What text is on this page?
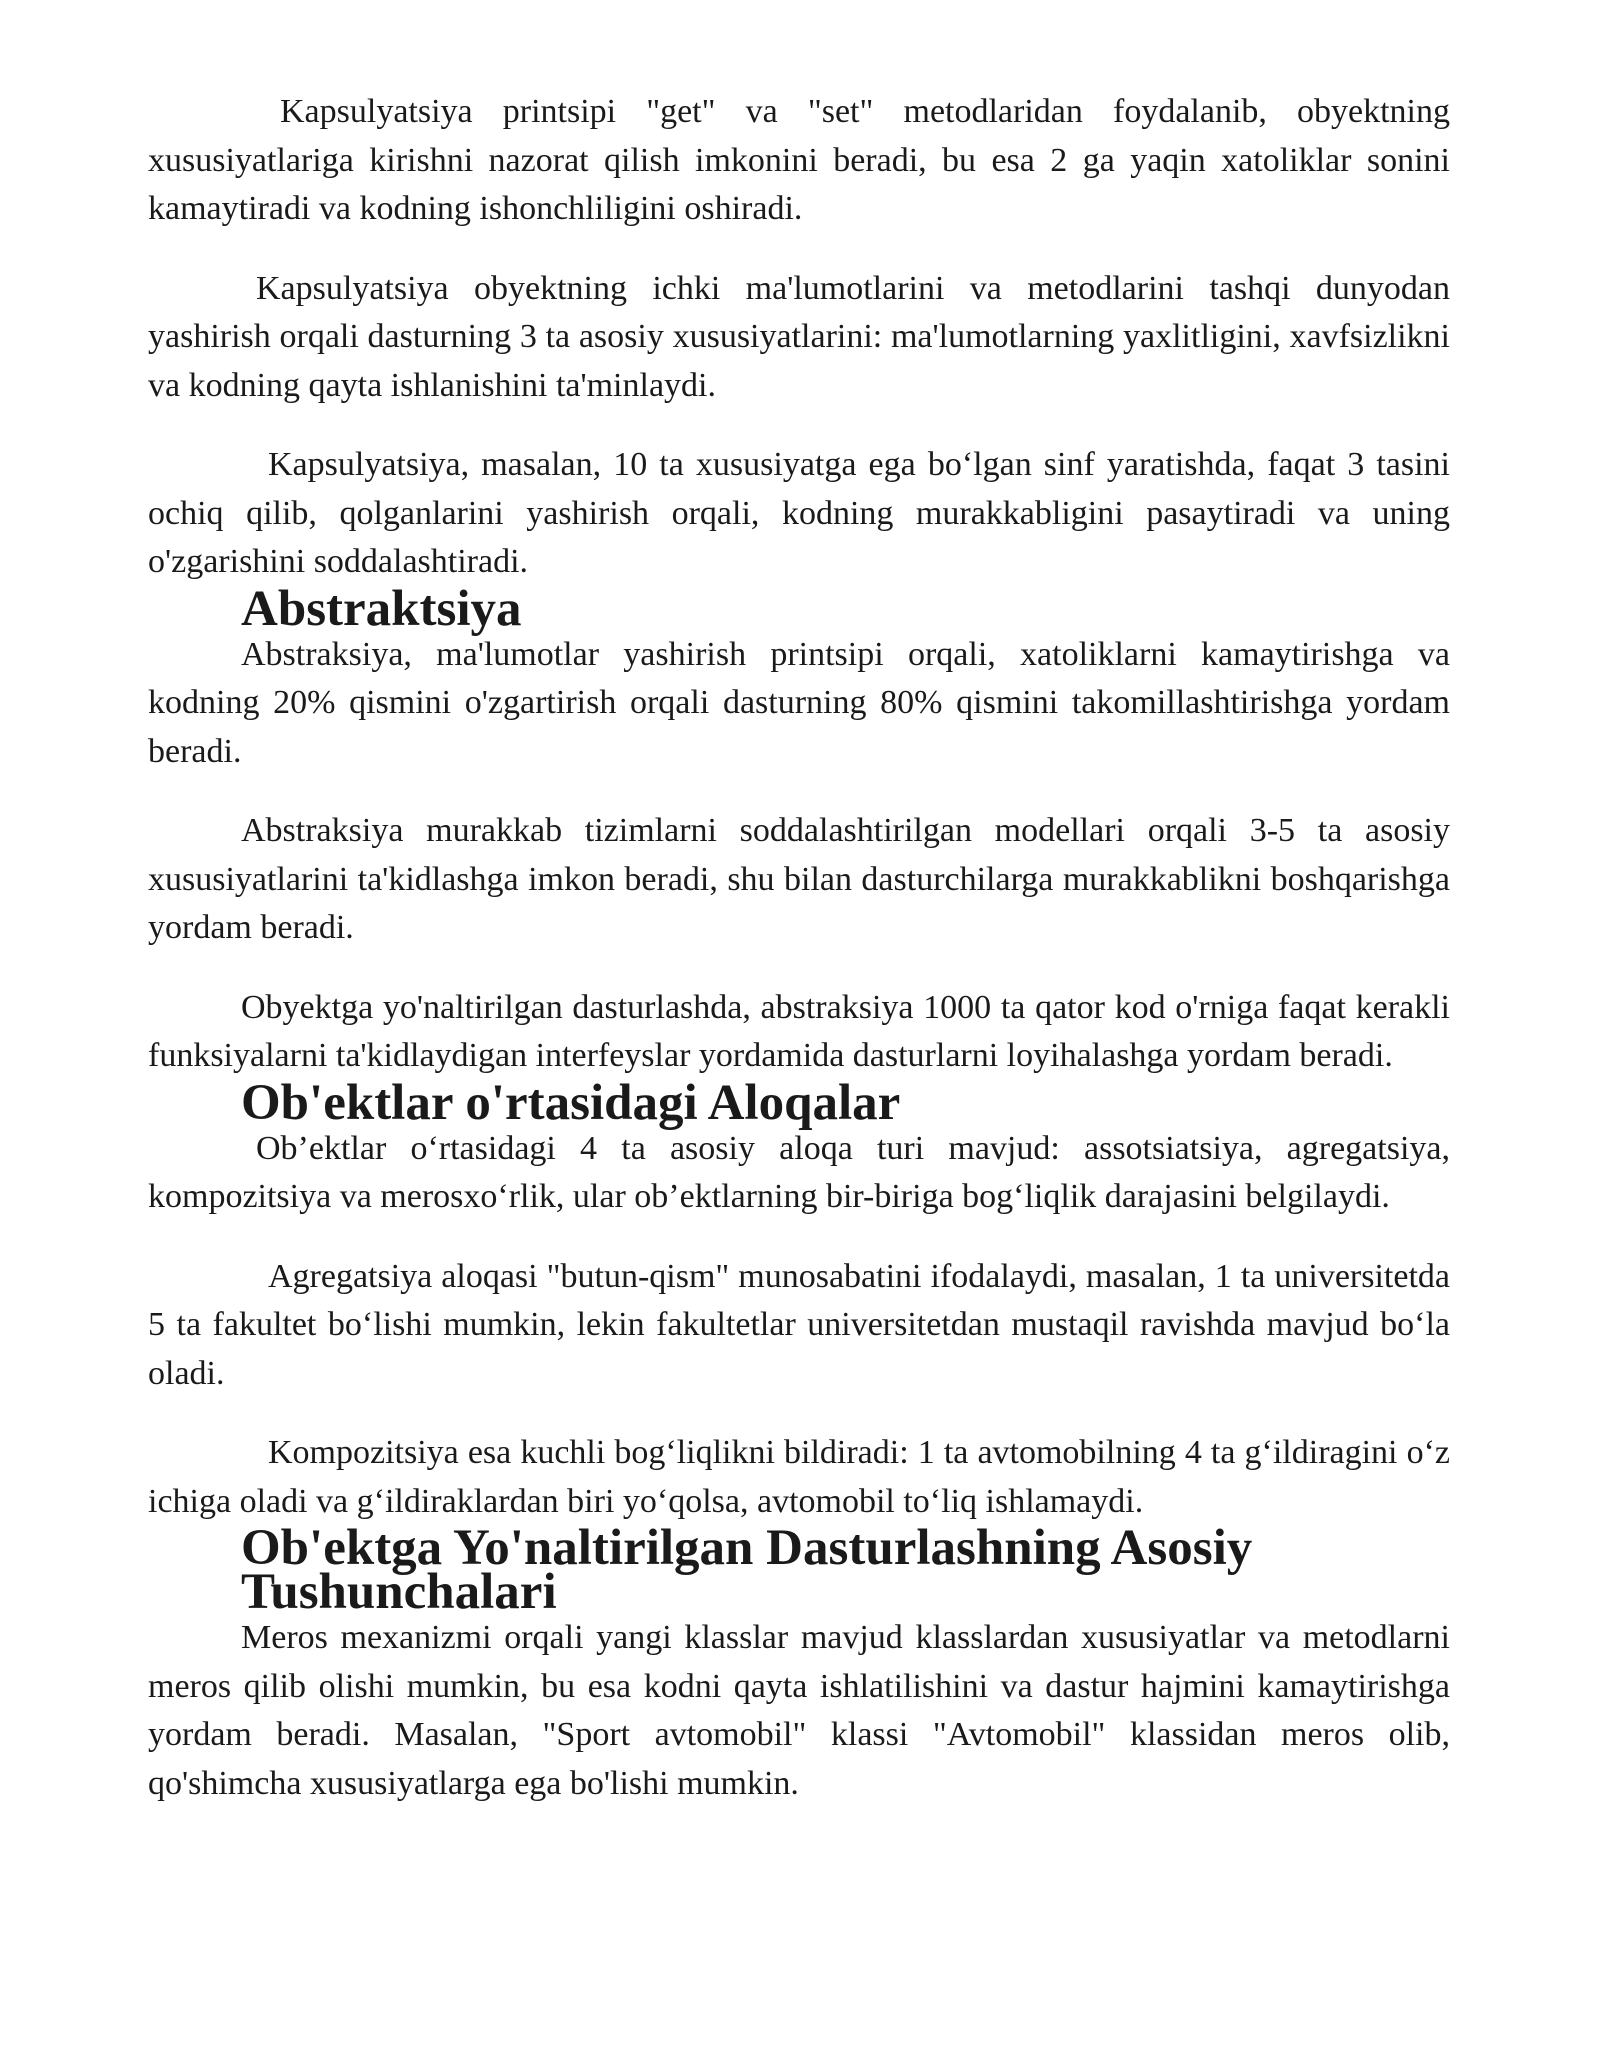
Kapsulyatsiya printsipi "get" va "set" metodlaridan foydalanib, obyektning xususiyatlariga kirishni nazorat qilish imkonini beradi, bu esa 2 ga yaqin xatoliklar sonini kamaytiradi va kodning ishonchliligini oshiradi.

Kapsulyatsiya obyektning ichki ma'lumotlarini va metodlarini tashqi dunyodan yashirish orqali dasturning 3 ta asosiy xususiyatlarini: ma'lumotlarning yaxlitligini, xavfsizlikni va kodning qayta ishlanishini ta'minlaydi.

Kapsulyatsiya, masalan, 10 ta xususiyatga ega bo‘lgan sinf yaratishda, faqat 3 tasini ochiq qilib, qolganlarini yashirish orqali, kodning murakkabligini pasaytiradi va uning o'zgarishini soddalashtiradi.

Abstraktsiya

Abstraksiya, ma'lumotlar yashirish printsipi orqali, xatoliklarni kamaytirishga va kodning 20% qismini o'zgartirish orqali dasturning 80% qismini takomillashtirishga yordam beradi.

Abstraksiya murakkab tizimlarni soddalashtirilgan modellari orqali 3-5 ta asosiy xususiyatlarini ta'kidlashga imkon beradi, shu bilan dasturchilarga murakkablikni boshqarishga yordam beradi.

Obyektga yo'naltirilgan dasturlashda, abstraksiya 1000 ta qator kod o'rniga faqat kerakli funksiyalarni ta'kidlaydigan interfeyslar yordamida dasturlarni loyihalashga yordam beradi.

Ob'ektlar o'rtasidagi Aloqalar

Ob’ektlar o‘rtasidagi 4 ta asosiy aloqa turi mavjud: assotsiatsiya, agregatsiya, kompozitsiya va merosxo‘rlik, ular ob’ektlarning bir-biriga bog‘liqlik darajasini belgilaydi.

Agregatsiya aloqasi "butun-qism" munosabatini ifodalaydi, masalan, 1 ta universitetda 5 ta fakultet bo‘lishi mumkin, lekin fakultetlar universitetdan mustaqil ravishda mavjud bo‘la oladi.

Kompozitsiya esa kuchli bog‘liqlikni bildiradi: 1 ta avtomobilning 4 ta g‘ildiragini o‘z ichiga oladi va g‘ildiraklardan biri yo‘qolsa, avtomobil to‘liq ishlamaydi.

Ob'ektga Yo'naltirilgan Dasturlashning Asosiy Tushunchalari

Meros mexanizmi orqali yangi klasslar mavjud klasslardan xususiyatlar va metodlarni meros qilib olishi mumkin, bu esa kodni qayta ishlatilishini va dastur hajmini kamaytirishga yordam beradi. Masalan, "Sport avtomobil" klassi "Avtomobil" klassidan meros olib, qo'shimcha xususiyatlarga ega bo'lishi mumkin.
